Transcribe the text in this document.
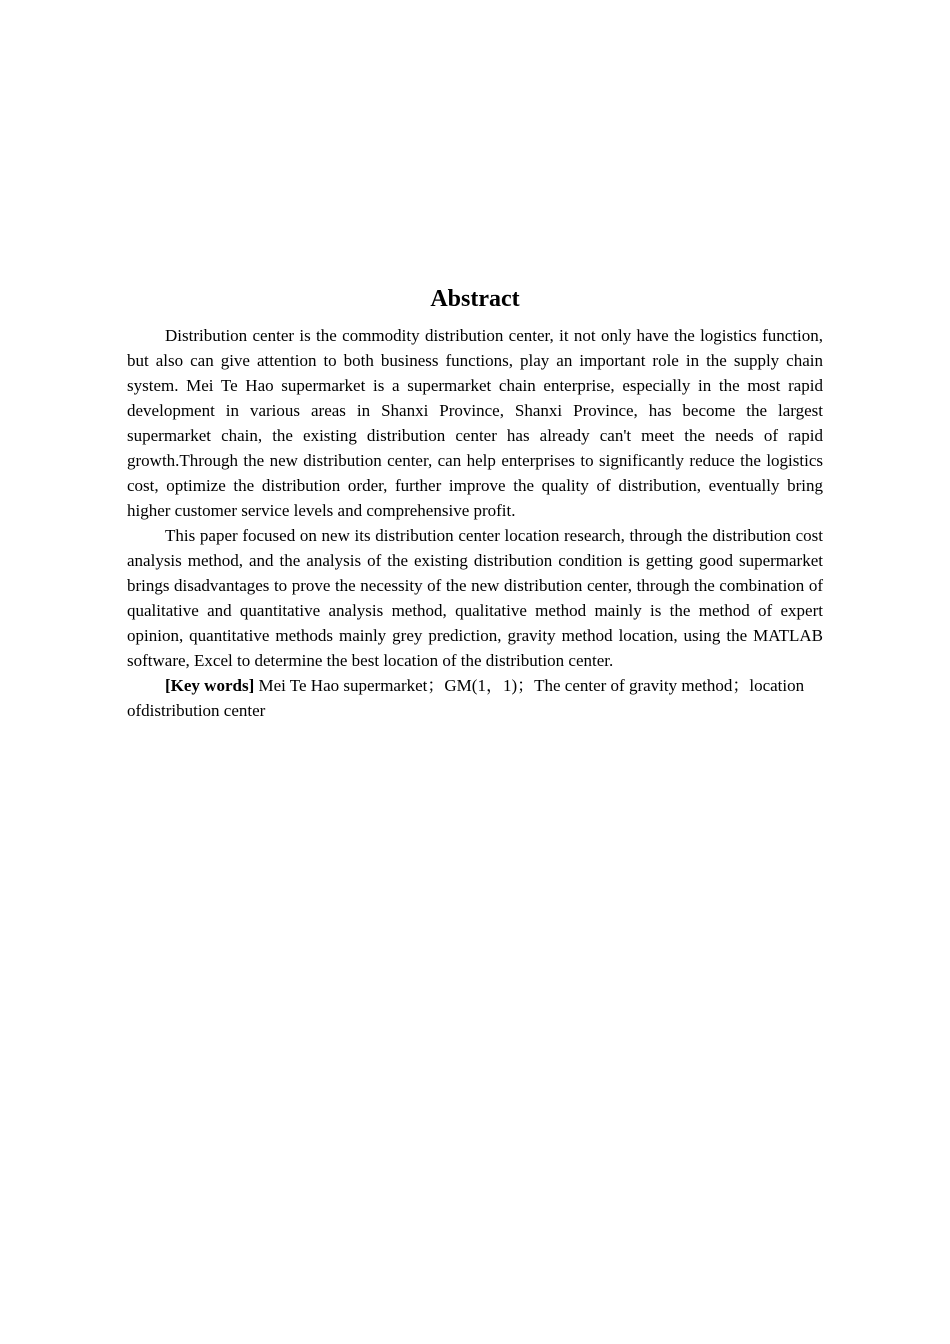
Abstract

Distribution center is the commodity distribution center, it not only have the logistics function, but also can give attention to both business functions, play an important role in the supply chain system. Mei Te Hao supermarket is a supermarket chain enterprise, especially in the most rapid development in various areas in Shanxi Province, Shanxi Province, has become the largest supermarket chain, the existing distribution center has already can't meet the needs of rapid growth.Through the new distribution center, can help enterprises to significantly reduce the logistics cost, optimize the distribution order, further improve the quality of distribution, eventually bring higher customer service levels and comprehensive profit.

This paper focused on new its distribution center location research, through the distribution cost analysis method, and the analysis of the existing distribution condition is getting good supermarket brings disadvantages to prove the necessity of the new distribution center, through the combination of qualitative and quantitative analysis method, qualitative method mainly is the method of expert opinion, quantitative methods mainly grey prediction, gravity method location, using the MATLAB software, Excel to determine the best location of the distribution center.

[Key words] Mei Te Hao supermarket；GM(1，1)；The center of gravity method；location ofdistribution center
